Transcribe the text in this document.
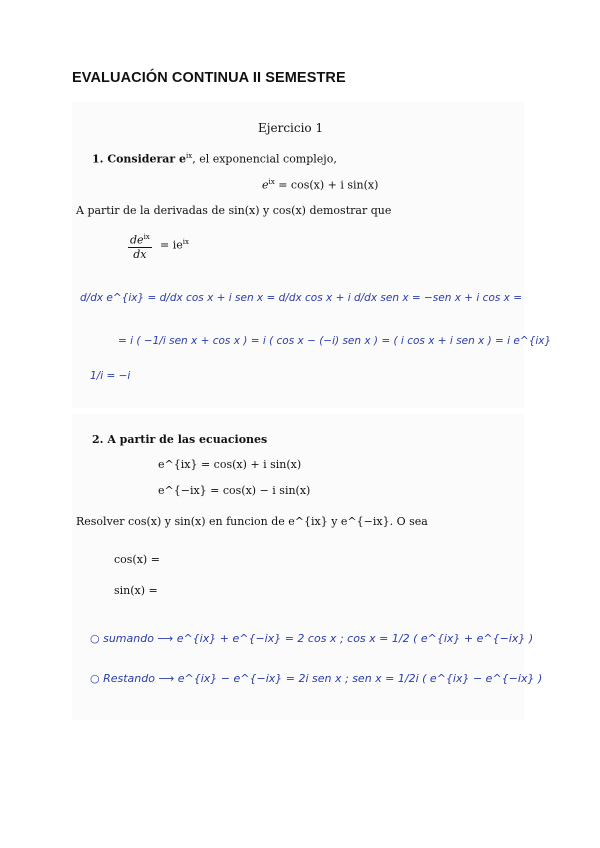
EVALUACIÓN CONTINUA II SEMESTRE
Ejercicio 1
1. Considerar $e^{ix}$, el exponencial complejo,
$e^{ix} = \cos(x) + i$ sin(x)
A partir de la derivadas de sin(x) y cos(x) demostrar que
$de^{ix}$
dx
= $ie^{ix}$
d/dx e^{ix} = d/dx cos x + i sen x = d/dx cos x + i d/dx sen x = −sen x + i cos x =
= i ( −1/i sen x + cos x ) = i ( cos x − (−i) sen x ) = ( i cos x + i sen x ) = i e^{ix}
1/i = −i
2. A partir de las ecuaciones
e^{ix} = cos(x) + i sin(x)
e^{−ix} = cos(x) − i sin(x)
Resolver cos(x) y sin(x) en funcion de e^{ix} y e^{−ix}. O sea
cos(x) =
sin(x) =
○ sumando ⟶ e^{ix} + e^{−ix} = 2 cos x ; cos x = 1/2 ( e^{ix} + e^{−ix} )
○ Restando ⟶ e^{ix} − e^{−ix} = 2i sen x ; sen x = 1/2i ( e^{ix} − e^{−ix} )
